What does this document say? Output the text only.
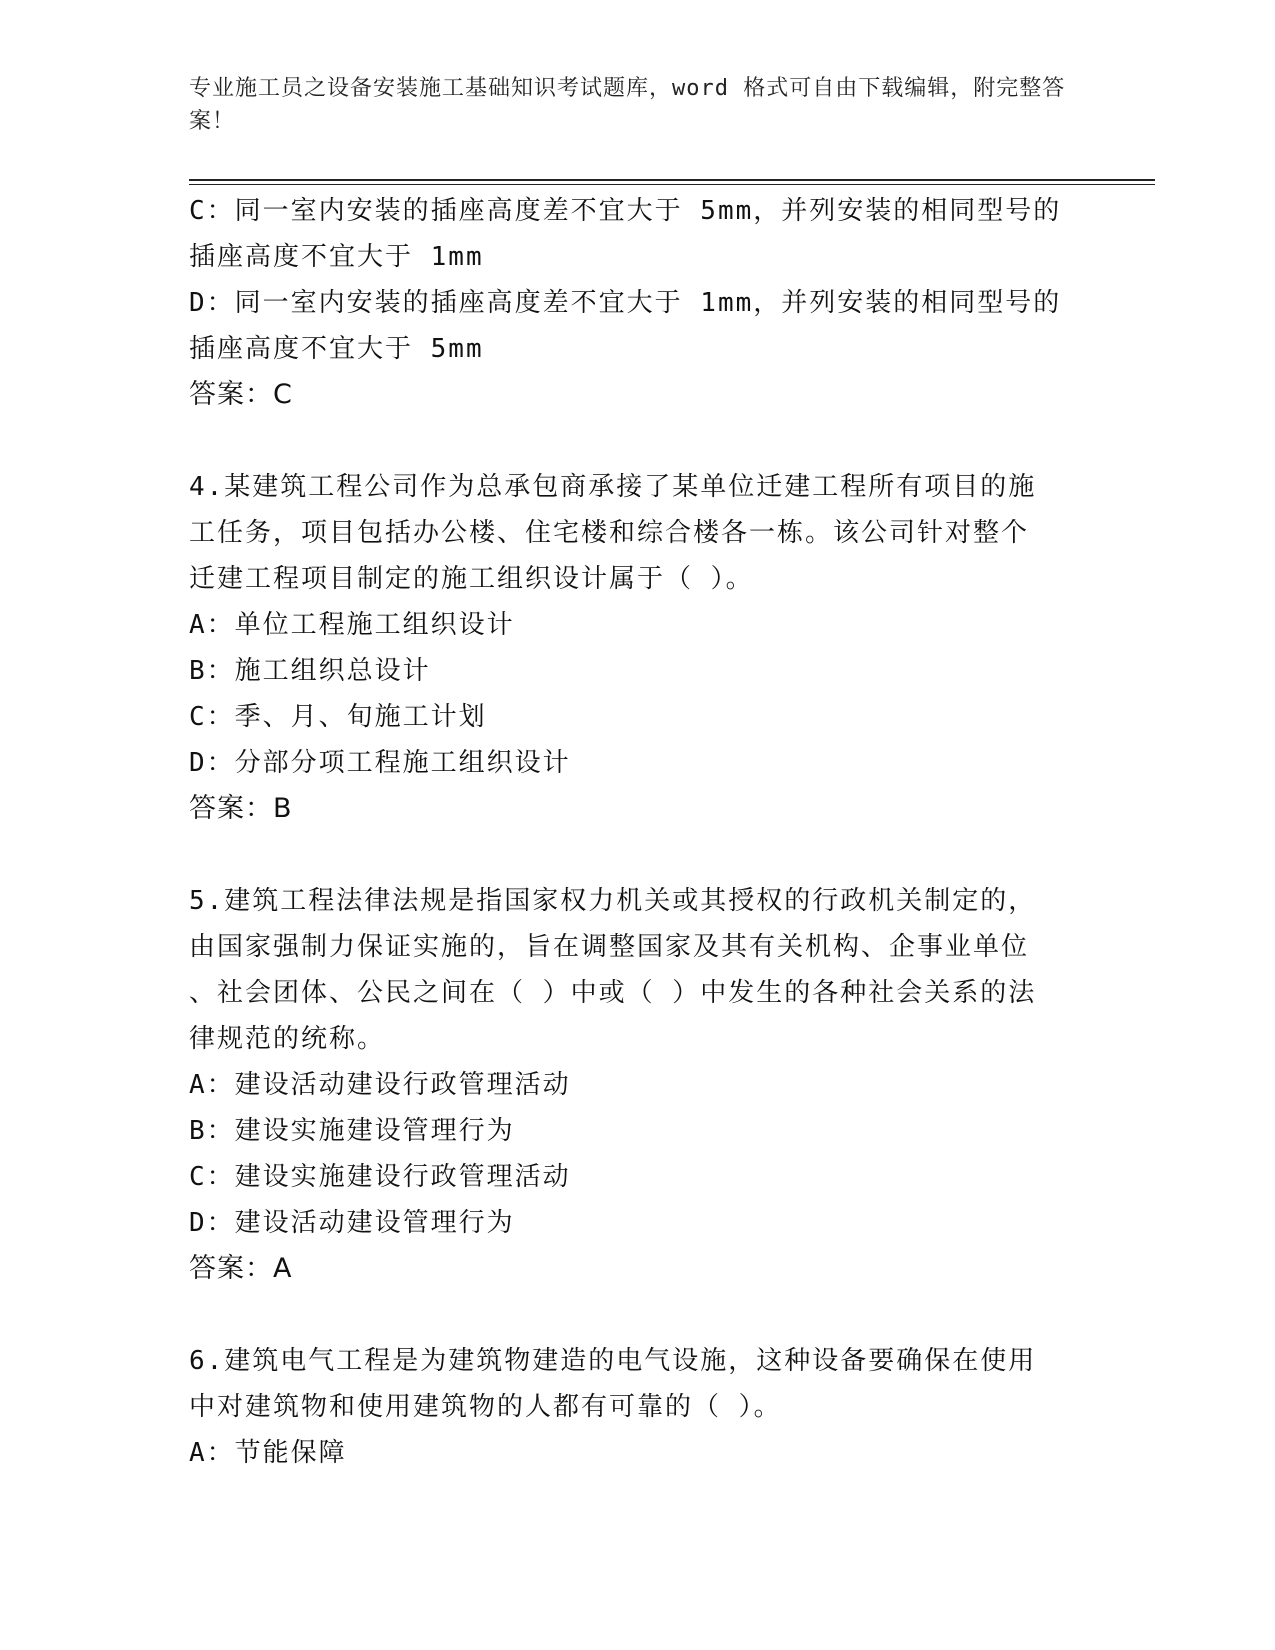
专业施工员之设备安装施工基础知识考试题库，word 格式可自由下载编辑，附完整答案！
C：同一室内安装的插座高度差不宜大于 5mm，并列安装的相同型号的
插座高度不宜大于 1mm
D：同一室内安装的插座高度差不宜大于 1mm，并列安装的相同型号的
插座高度不宜大于 5mm
答案：C
4.某建筑工程公司作为总承包商承接了某单位迁建工程所有项目的施
工任务，项目包括办公楼、住宅楼和综合楼各一栋。该公司针对整个
迁建工程项目制定的施工组织设计属于（ ）。
A：单位工程施工组织设计
B：施工组织总设计
C：季、月、旬施工计划
D：分部分项工程施工组织设计
答案：B
5.建筑工程法律法规是指国家权力机关或其授权的行政机关制定的，
由国家强制力保证实施的，旨在调整国家及其有关机构、企事业单位
、社会团体、公民之间在（ ）中或（ ）中发生的各种社会关系的法
律规范的统称。
A：建设活动建设行政管理活动
B：建设实施建设管理行为
C：建设实施建设行政管理活动
D：建设活动建设管理行为
答案：A
6.建筑电气工程是为建筑物建造的电气设施，这种设备要确保在使用
中对建筑物和使用建筑物的人都有可靠的（ ）。
A：节能保障
